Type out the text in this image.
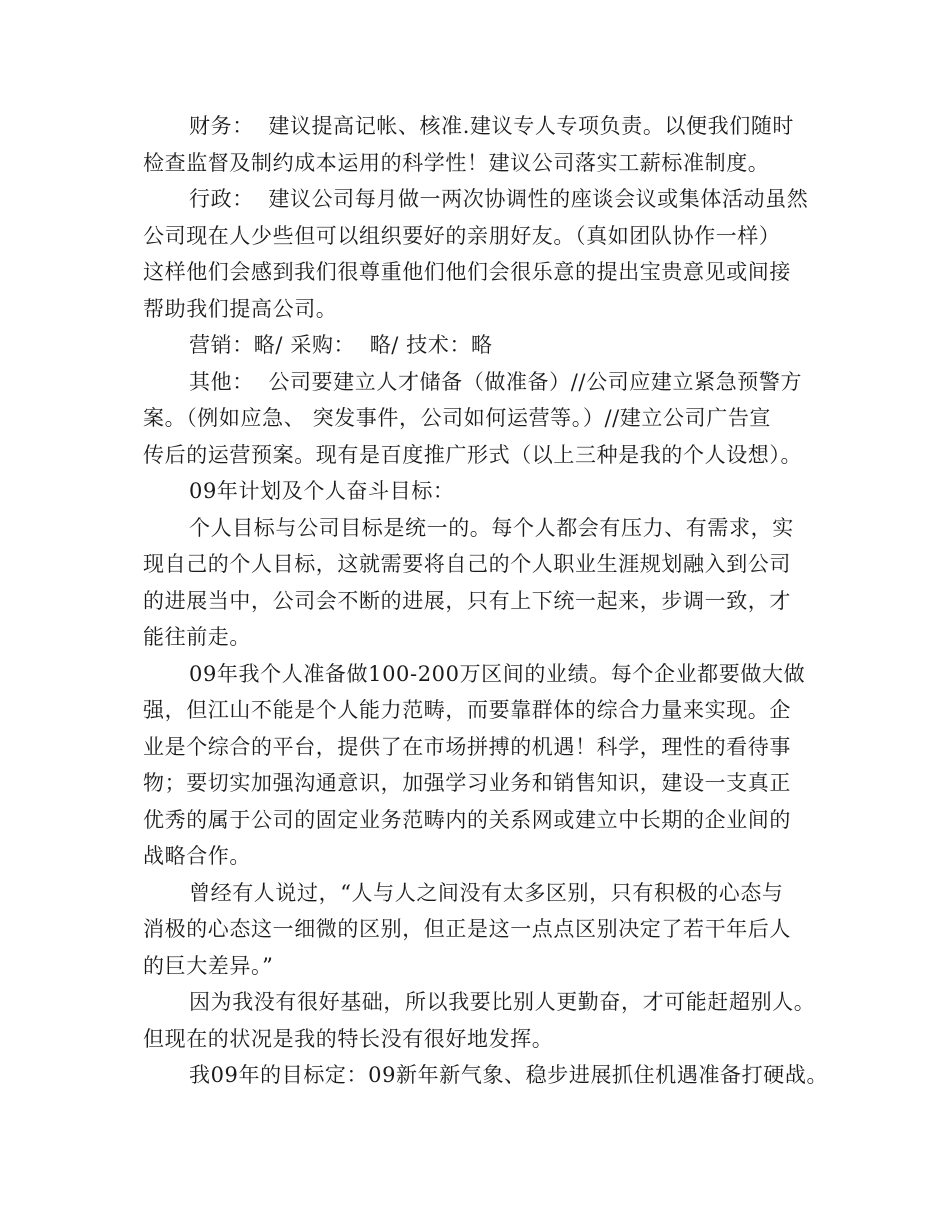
财务：  建议提高记帐、核准.建议专人专项负责。以便我们随时
检查监督及制约成本运用的科学性！建议公司落实工薪标准制度。
行政：  建议公司每月做一两次协调性的座谈会议或集体活动虽然
公司现在人少些但可以组织要好的亲朋好友。（真如团队协作一样）
这样他们会感到我们很尊重他们他们会很乐意的提出宝贵意见或间接
帮助我们提高公司。
营销：略/ 采购：  略/ 技术：略
其他：  公司要建立人才储备（做准备）//公司应建立紧急预警方
案。（例如应急、 突发事件，公司如何运营等。）//建立公司广告宣
传后的运营预案。现有是百度推广形式（以上三种是我的个人设想）。
09年计划及个人奋斗目标：
个人目标与公司目标是统一的。每个人都会有压力、有需求，实
现自己的个人目标，这就需要将自己的个人职业生涯规划融入到公司
的进展当中，公司会不断的进展，只有上下统一起来，步调一致，才
能往前走。
09年我个人准备做100-200万区间的业绩。每个企业都要做大做
强，但江山不能是个人能力范畴，而要靠群体的综合力量来实现。企
业是个综合的平台，提供了在市场拼搏的机遇！科学，理性的看待事
物；要切实加强沟通意识，加强学习业务和销售知识，建设一支真正
优秀的属于公司的固定业务范畴内的关系网或建立中长期的企业间的
战略合作。
曾经有人说过，“人与人之间没有太多区别，只有积极的心态与
消极的心态这一细微的区别，但正是这一点点区别决定了若干年后人
的巨大差异。”
因为我没有很好基础，所以我要比别人更勤奋，才可能赶超别人。
但现在的状况是我的特长没有很好地发挥。
我09年的目标定：09新年新气象、稳步进展抓住机遇准备打硬战。
